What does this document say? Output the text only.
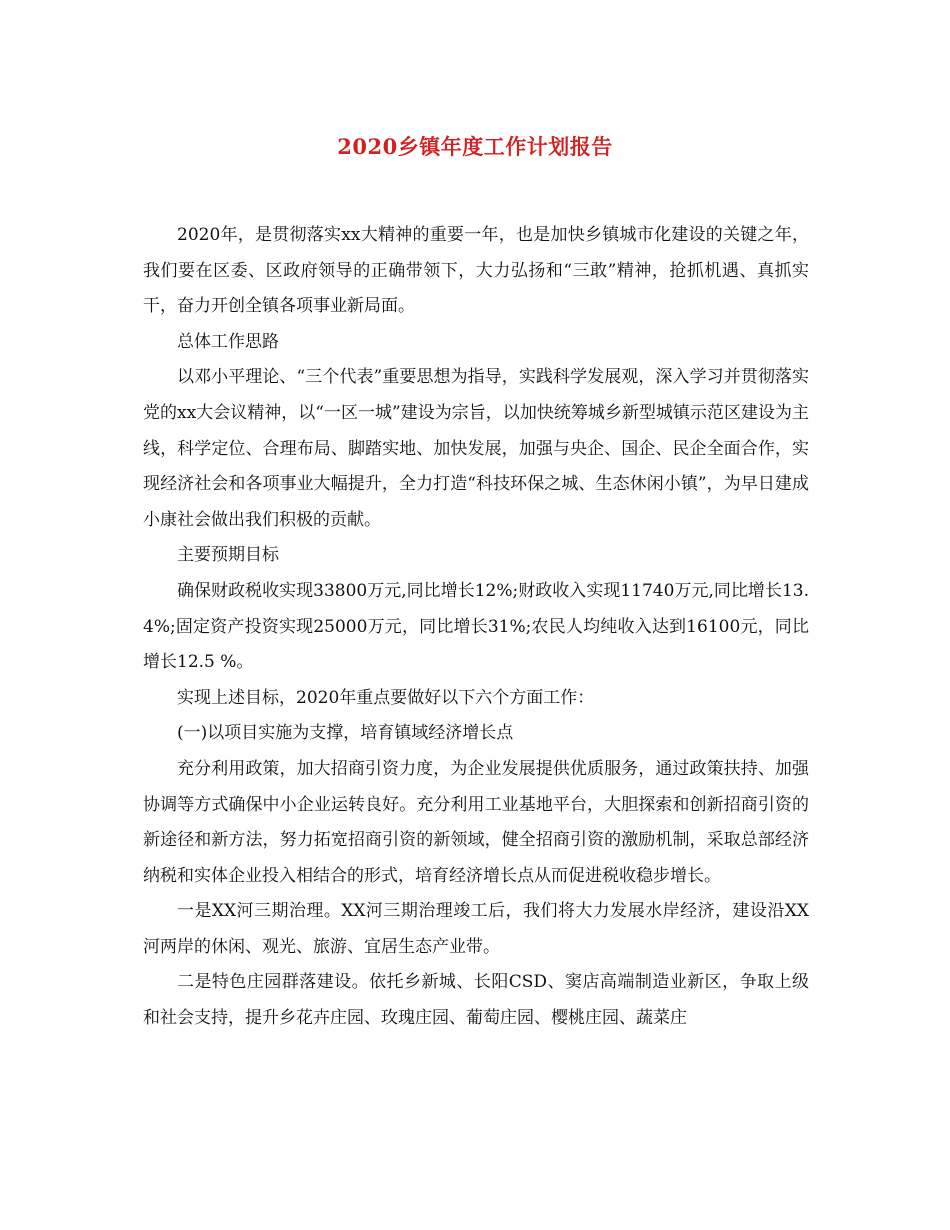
2020乡镇年度工作计划报告

2020年，是贯彻落实xx大精神的重要一年，也是加快乡镇城市化建设的关键之年，我们要在区委、区政府领导的正确带领下，大力弘扬和“三敢”精神，抢抓机遇、真抓实干，奋力开创全镇各项事业新局面。

总体工作思路

以邓小平理论、“三个代表”重要思想为指导，实践科学发展观，深入学习并贯彻落实党的xx大会议精神，以“一区一城”建设为宗旨，以加快统筹城乡新型城镇示范区建设为主线，科学定位、合理布局、脚踏实地、加快发展，加强与央企、国企、民企全面合作，实现经济社会和各项事业大幅提升，全力打造“科技环保之城、生态休闲小镇”，为早日建成小康社会做出我们积极的贡献。

主要预期目标

确保财政税收实现33800万元,同比增长12%;财政收入实现11740万元,同比增长13.4%;固定资产投资实现25000万元，同比增长31%;农民人均纯收入达到16100元，同比增长12.5 %。

实现上述目标，2020年重点要做好以下六个方面工作：

(一)以项目实施为支撑，培育镇域经济增长点

充分利用政策，加大招商引资力度，为企业发展提供优质服务，通过政策扶持、加强协调等方式确保中小企业运转良好。充分利用工业基地平台，大胆探索和创新招商引资的新途径和新方法，努力拓宽招商引资的新领域，健全招商引资的激励机制，采取总部经济纳税和实体企业投入相结合的形式，培育经济增长点从而促进税收稳步增长。

一是XX河三期治理。XX河三期治理竣工后，我们将大力发展水岸经济，建设沿XX河两岸的休闲、观光、旅游、宜居生态产业带。

二是特色庄园群落建设。依托乡新城、长阳CSD、窦店高端制造业新区，争取上级和社会支持，提升乡花卉庄园、玫瑰庄园、葡萄庄园、樱桃庄园、蔬菜庄
